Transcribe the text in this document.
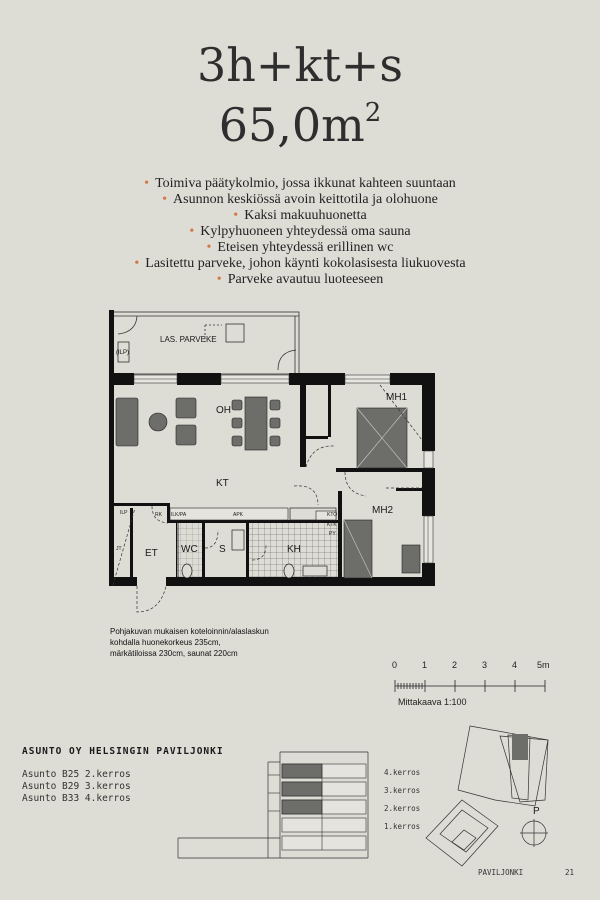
3h+kt+s
$65,0m^2$
• Toimiva päätykolmio, jossa ikkunat kahteen suuntaan
• Asunnon keskiössä avoin keittotila ja olohuone
• Kaksi makuuhuonetta
• Kylpyhuoneen yhteydessä oma sauna
• Eteisen yhteydessä erillinen wc
• Lasitettu parveke, johon käynti kokolasisesta liukuovesta
• Parveke avautuu luoteeseen
LAS. PARVEKE
(ILP)
OH
KT
MH1
MH2
ET WC S	KH
ILP	RK ILK/PA	APK	KTO
KTK
PY
JT
Pohjakuvan mukaisen koteloinnin/alaslaskun
kohdalla huonekorkeus 235cm,
märkätiloissa 230cm, saunat 220cm
0	1	2	3	4 5m
Mittakaava 1:100
ASUNTO OY HELSINGIN PAVILJONKI
Asunto B25 2.kerros
Asunto B29 3.kerros
Asunto B33 4.kerros
4.kerros
3.kerros
2.kerros
1.kerros
P
PAVILJONKI	21
